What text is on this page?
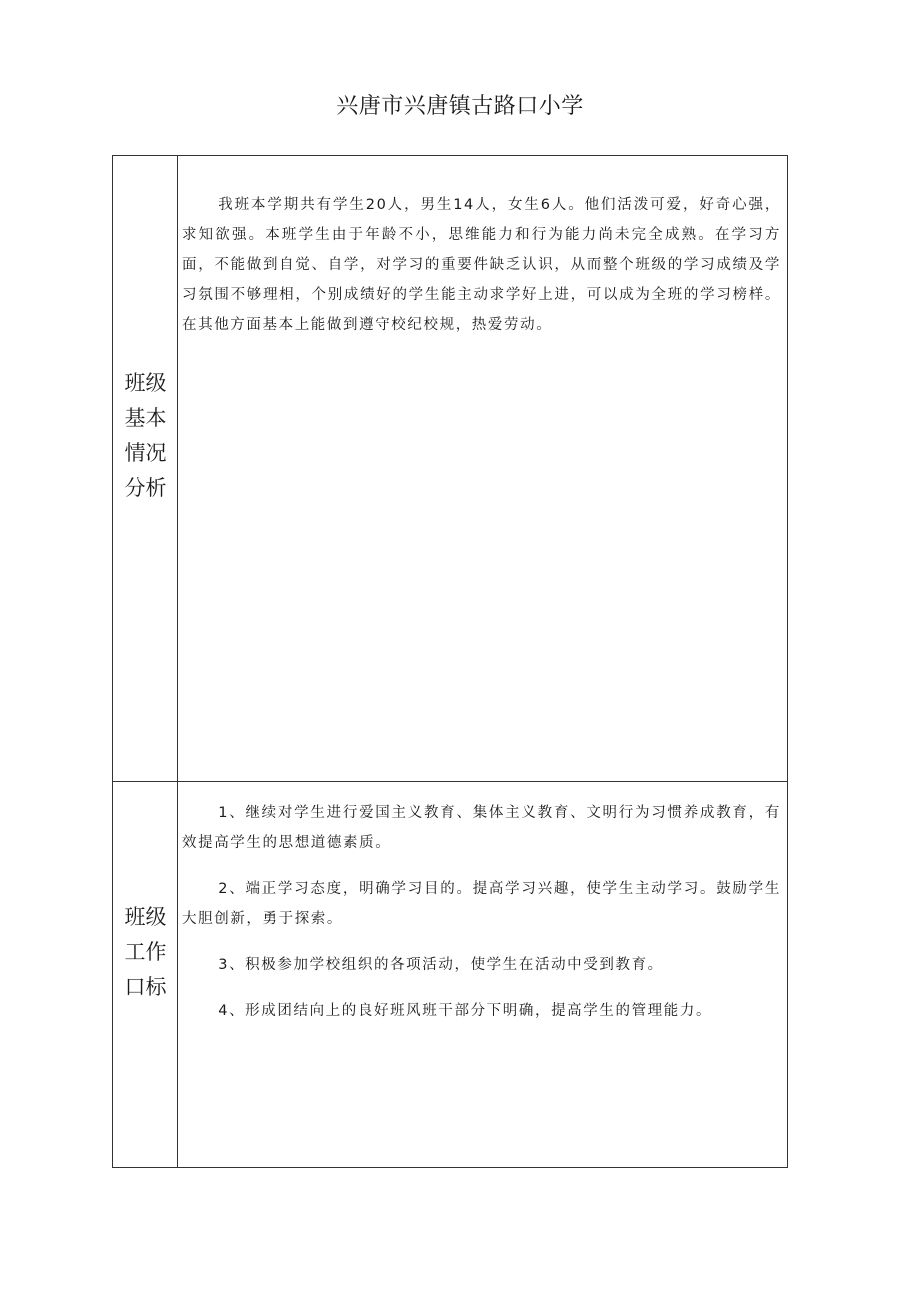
兴唐市兴唐镇古路口小学
班级
基本
情况
分析

我班本学期共有学生20人，男生14人，女生6人。他们活泼可爱，好奇心强，求知欲强。本班学生由于年龄不小，思维能力和行为能力尚未完全成熟。在学习方面，不能做到自觉、自学，对学习的重要件缺乏认识，从而整个班级的学习成绩及学习氛围不够理相，个别成绩好的学生能主动求学好上进，可以成为全班的学习榜样。在其他方面基本上能做到遵守校纪校规，热爱劳动。

班级
工作
口标

1、继续对学生进行爱国主义教育、集体主义教育、文明行为习惯养成教育，有效提高学生的思想道德素质。

2、端正学习态度，明确学习目的。提高学习兴趣，使学生主动学习。鼓励学生大胆创新，勇于探索。

3、积极参加学校组织的各项活动，使学生在活动中受到教育。

4、形成团结向上的良好班风班干部分下明确，提高学生的管理能力。
